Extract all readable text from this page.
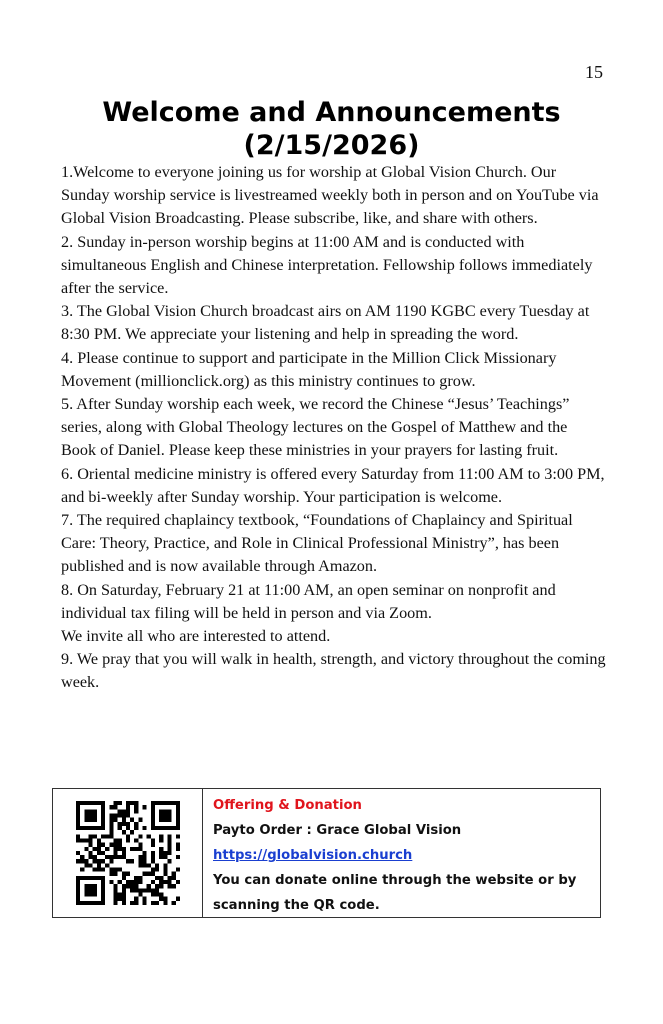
15
Welcome and Announcements
(2/15/2026)

1.Welcome to everyone joining us for worship at Global Vision Church. Our Sunday worship service is livestreamed weekly both in person and on YouTube via Global Vision Broadcasting. Please subscribe, like, and share with others.

2. Sunday in-person worship begins at 11:00 AM and is conducted with simultaneous English and Chinese interpretation. Fellowship follows immediately after the service.

3. The Global Vision Church broadcast airs on AM 1190 KGBC every Tuesday at 8:30 PM. We appreciate your listening and help in spreading the word.

4. Please continue to support and participate in the Million Click Missionary Movement (millionclick.org) as this ministry continues to grow.

5. After Sunday worship each week, we record the Chinese “Jesus’ Teachings” series, along with Global Theology lectures on the Gospel of Matthew and the Book of Daniel. Please keep these ministries in your prayers for lasting fruit.

6. Oriental medicine ministry is offered every Saturday from 11:00 AM to 3:00 PM, and bi-weekly after Sunday worship. Your participation is welcome.

7. The required chaplaincy textbook, “Foundations of Chaplaincy and Spiritual Care: Theory, Practice, and Role in Clinical Professional Ministry”, has been published and is now available through Amazon.

8. On Saturday, February 21 at 11:00 AM, an open seminar on nonprofit and individual tax filing will be held in person and via Zoom.

We invite all who are interested to attend.

9. We pray that you will walk in health, strength, and victory throughout the coming week.

Offering & Donation
Payto Order : Grace Global Vision
https://globalvision.church
You can donate online through the website or by
scanning the QR code.
